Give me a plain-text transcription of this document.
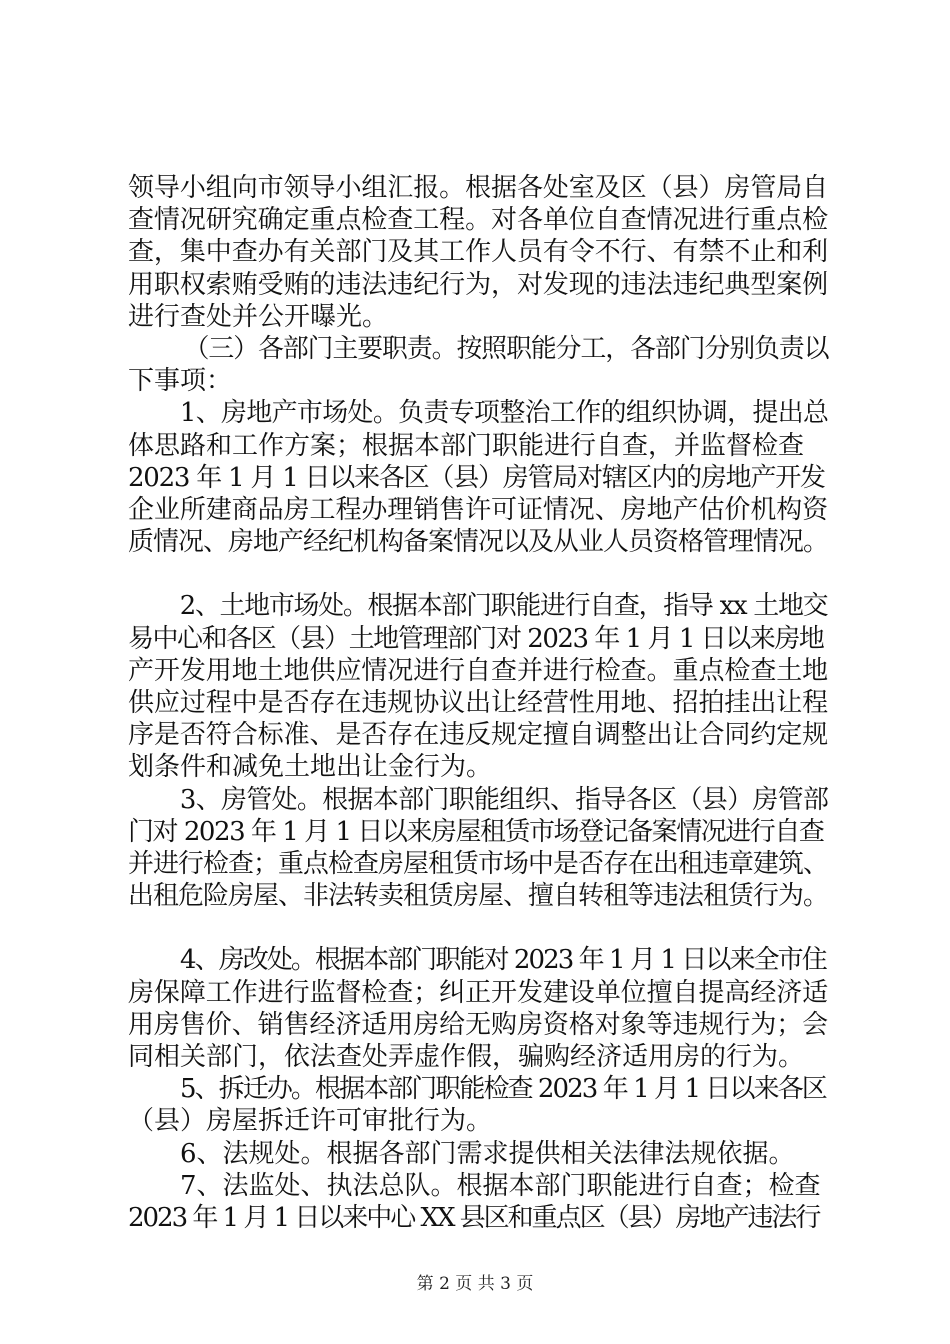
领导小组向市领导小组汇报。根据各处室及区（县）房管局自

查情况研究确定重点检查工程。对各单位自查情况进行重点检

查，集中查办有关部门及其工作人员有令不行、有禁不止和利

用职权索贿受贿的违法违纪行为，对发现的违法违纪典型案例

进行查处并公开曝光。

（三）各部门主要职责。按照职能分工，各部门分别负责以

下事项：

1、房地产市场处。负责专项整治工作的组织协调，提出总

体思路和工作方案；根据本部门职能进行自查，并监督检查

2023 年 1 月 1 日以来各区（县）房管局对辖区内的房地产开发

企业所建商品房工程办理销售许可证情况、房地产估价机构资

质情况、房地产经纪机构备案情况以及从业人员资格管理情况。

2、土地市场处。根据本部门职能进行自查，指导 xx 土地交

易中心和各区（县）土地管理部门对 2023 年 1 月 1 日以来房地

产开发用地土地供应情况进行自查并进行检查。重点检查土地

供应过程中是否存在违规协议出让经营性用地、招拍挂出让程

序是否符合标准、是否存在违反规定擅自调整出让合同约定规

划条件和减免土地出让金行为。

3、房管处。根据本部门职能组织、指导各区（县）房管部

门对 2023 年 1 月 1 日以来房屋租赁市场登记备案情况进行自查

并进行检查；重点检查房屋租赁市场中是否存在出租违章建筑、

出租危险房屋、非法转卖租赁房屋、擅自转租等违法租赁行为。

4、房改处。根据本部门职能对 2023 年 1 月 1 日以来全市住

房保障工作进行监督检查；纠正开发建设单位擅自提高经济适

用房售价、销售经济适用房给无购房资格对象等违规行为；会

同相关部门，依法查处弄虚作假，骗购经济适用房的行为。

5、拆迁办。根据本部门职能检查 2023 年 1 月 1 日以来各区

（县）房屋拆迁许可审批行为。

6、法规处。根据各部门需求提供相关法律法规依据。

7、法监处、执法总队。根据本部门职能进行自查；检查

2023 年 1 月 1 日以来中心 XX 县区和重点区（县）房地产违法行

第 2 页 共 3 页
